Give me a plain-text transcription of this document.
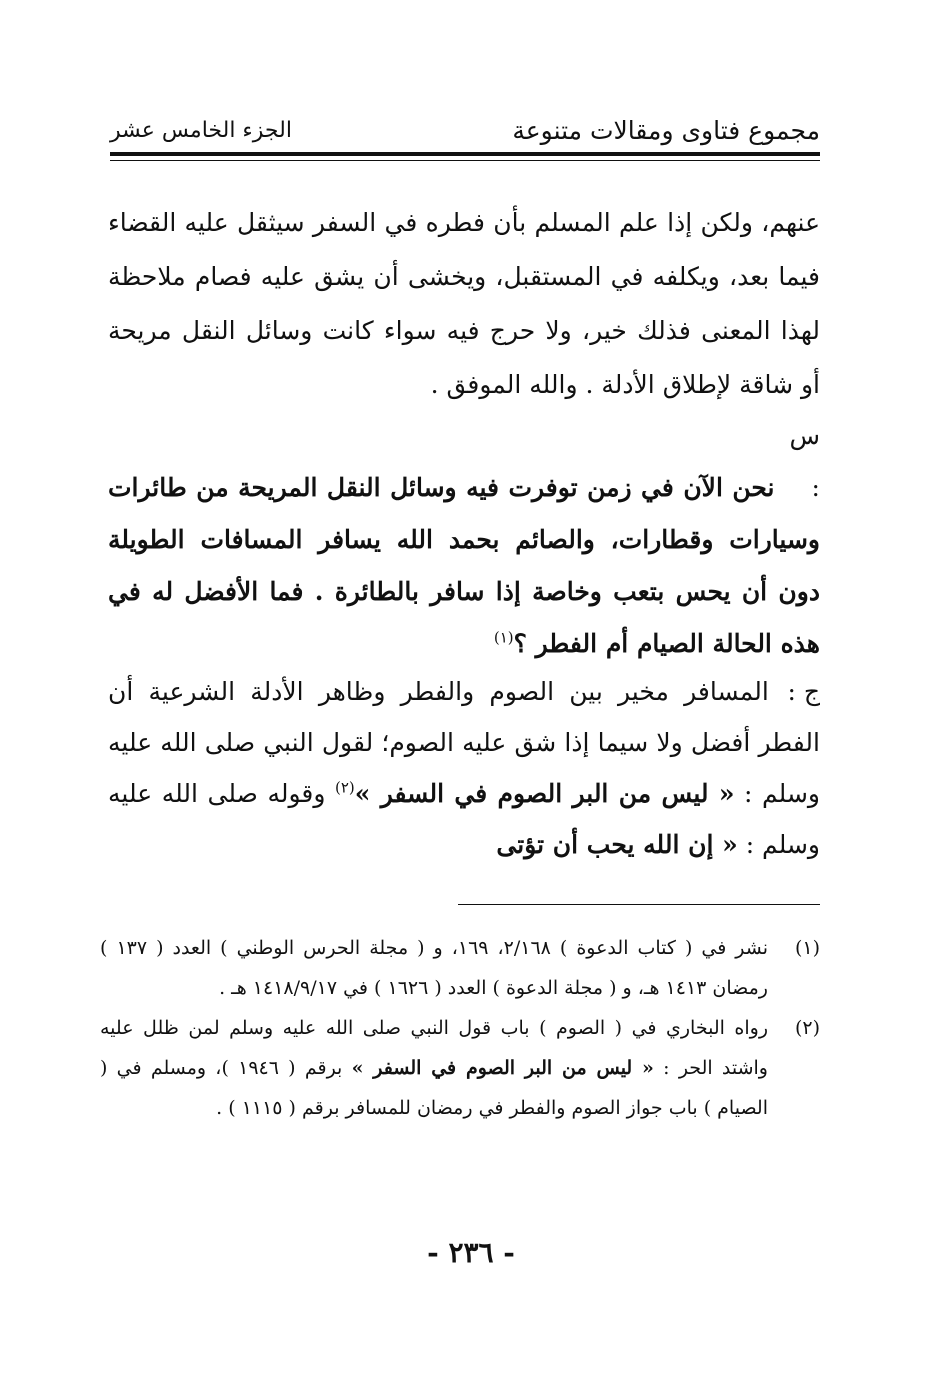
مجموع فتاوى ومقالات متنوعة
الجزء الخامس عشر

عنهم، ولكن إذا علم المسلم بأن فطره في السفر سيثقل عليه القضاء فيما بعد، ويكلفه في المستقبل، ويخشى أن يشق عليه فصام ملاحظة لهذا المعنى فذلك خير، ولا حرج فيه سواء كانت وسائل النقل مريحة أو شاقة لإطلاق الأدلة . والله الموفق .

س : نحن الآن في زمن توفرت فيه وسائل النقل المريحة من طائرات وسيارات وقطارات، والصائم بحمد الله يسافر المسافات الطويلة دون أن يحس بتعب وخاصة إذا سافر بالطائرة . فما الأفضل له في هذه الحالة الصيام أم الفطر ؟$^{(١)}$

ج : المسافر مخير بين الصوم والفطر وظاهر الأدلة الشرعية أن الفطر أفضل ولا سيما إذا شق عليه الصوم؛ لقول النبي صلى الله عليه وسلم : « ليس من البر الصوم في السفر »$^{(٢)}$ وقوله صلى الله عليه وسلم : « إن الله يحب أن تؤتى

(١)
نشر في ( كتاب الدعوة ) ٢/١٦٨، ١٦٩، و ( مجلة الحرس الوطني ) العدد ( ١٣٧ ) رمضان ١٤١٣ هـ، و ( مجلة الدعوة ) العدد ( ١٦٢٦ ) في ١٤١٨/٩/١٧ هـ .
(٢)
رواه البخاري في ( الصوم ) باب قول النبي صلى الله عليه وسلم لمن ظلل عليه واشتد الحر : « ليس من البر الصوم في السفر » برقم ( ١٩٤٦ )، ومسلم في ( الصيام ) باب جواز الصوم والفطر في رمضان للمسافر برقم ( ١١١٥ ) .
- ٢٣٦ -
